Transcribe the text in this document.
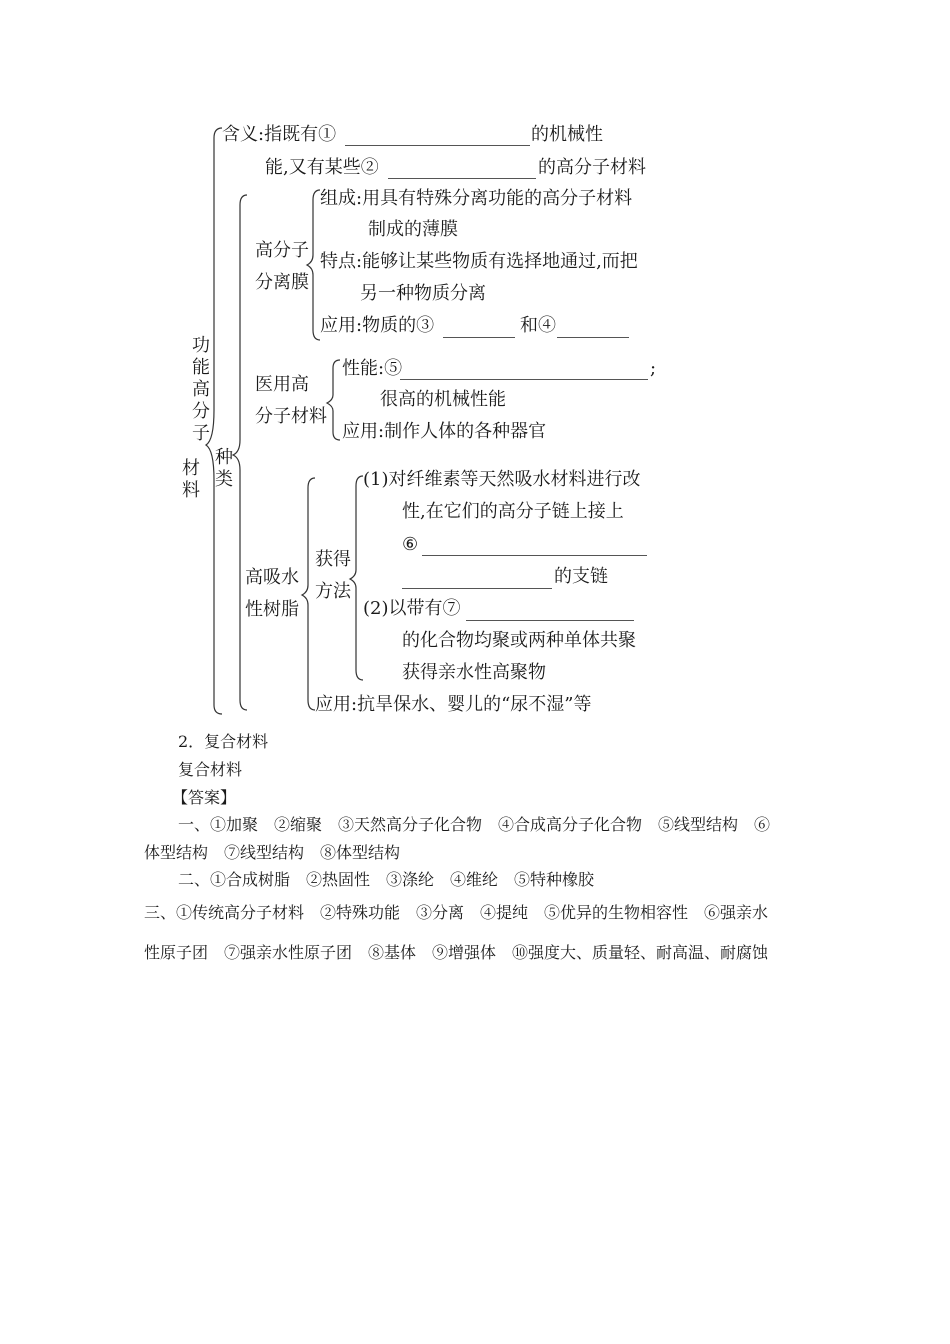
功能高分子
材料
含义:指既有①	的机械性
能,又有某些②	的高分子材料
种类
高分子
分离膜
组成:用具有特殊分离功能的高分子材料
制成的薄膜
特点:能够让某些物质有选择地通过,而把
另一种物质分离
应用:物质的③	和④
医用高
分子材料
性能:⑤	;
很高的机械性能
应用:制作人体的各种器官
高吸水
性树脂
获得
方法
(1)对纤维素等天然吸水材料进行改
性,在它们的高分子链上接上
⑥
的支链
(2)以带有⑦
的化合物均聚或两种单体共聚
获得亲水性高聚物
应用:抗旱保水、婴儿的“尿不湿”等
2．复合材料
复合材料
【答案】
一、①加聚　②缩聚　③天然高分子化合物　④合成高分子化合物　⑤线型结构　⑥
体型结构　⑦线型结构　⑧体型结构
二、①合成树脂　②热固性　③涤纶　④维纶　⑤特种橡胶
三、①传统高分子材料　②特殊功能　③分离　④提纯　⑤优异的生物相容性　⑥强亲水
性原子团　⑦强亲水性原子团　⑧基体　⑨增强体　⑩强度大、质量轻、耐高温、耐腐蚀
